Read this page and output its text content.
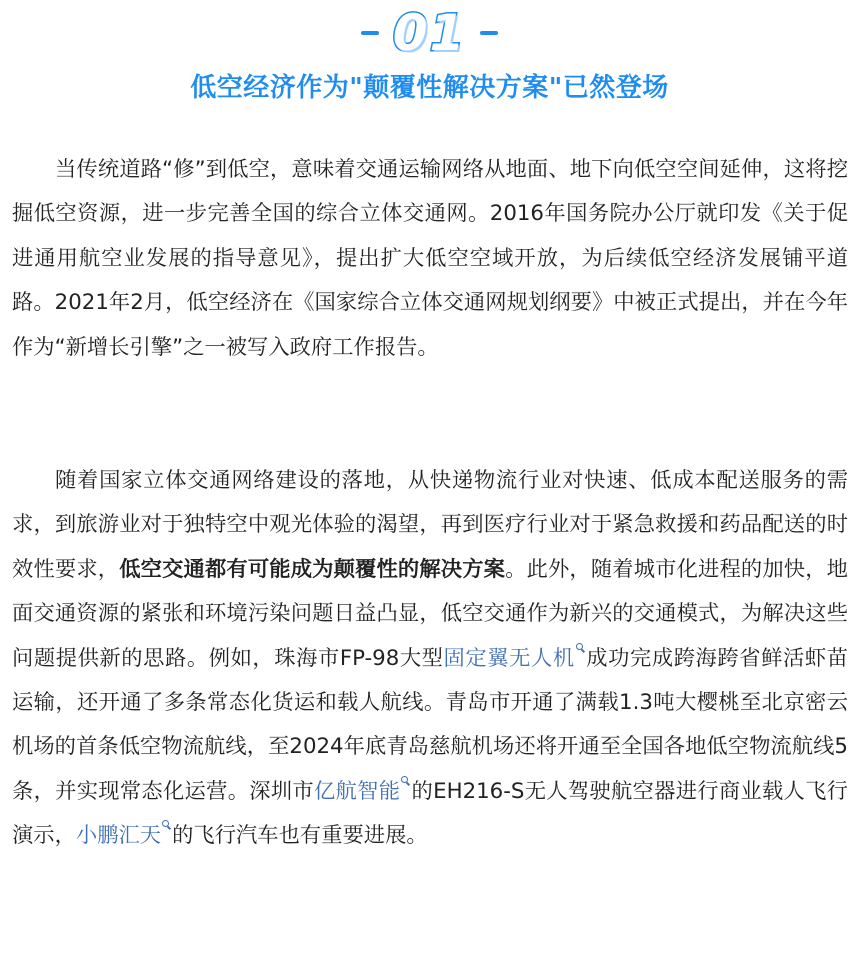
01
低空经济作为"颠覆性解决方案"已然登场

当传统道路“修”到低空，意味着交通运输网络从地面、地下向低空空间延伸，这将挖掘低空资源，进一步完善全国的综合立体交通网。2016年国务院办公厅就印发《关于促进通用航空业发展的指导意见》，提出扩大低空空域开放，为后续低空经济发展铺平道路。2021年2月，低空经济在《国家综合立体交通网规划纲要》中被正式提出，并在今年作为“新增长引擎”之一被写入政府工作报告。

随着国家立体交通网络建设的落地，从快递物流行业对快速、低成本配送服务的需求，到旅游业对于独特空中观光体验的渴望，再到医疗行业对于紧急救援和药品配送的时效性要求，低空交通都有可能成为颠覆性的解决方案。此外，随着城市化进程的加快，地面交通资源的紧张和环境污染问题日益凸显，低空交通作为新兴的交通模式，为解决这些问题提供新的思路。例如，珠海市FP-98大型固定翼无人机 成功完成跨海跨省鲜活虾苗运输，还开通了多条常态化货运和载人航线。青岛市开通了满载1.3吨大樱桃至北京密云机场的首条低空物流航线，至2024年底青岛慈航机场还将开通至全国各地低空物流航线5条，并实现常态化运营。深圳市亿航智能 的EH216-S无人驾驶航空器进行商业载人飞行演示，小鹏汇天 的飞行汽车也有重要进展。
